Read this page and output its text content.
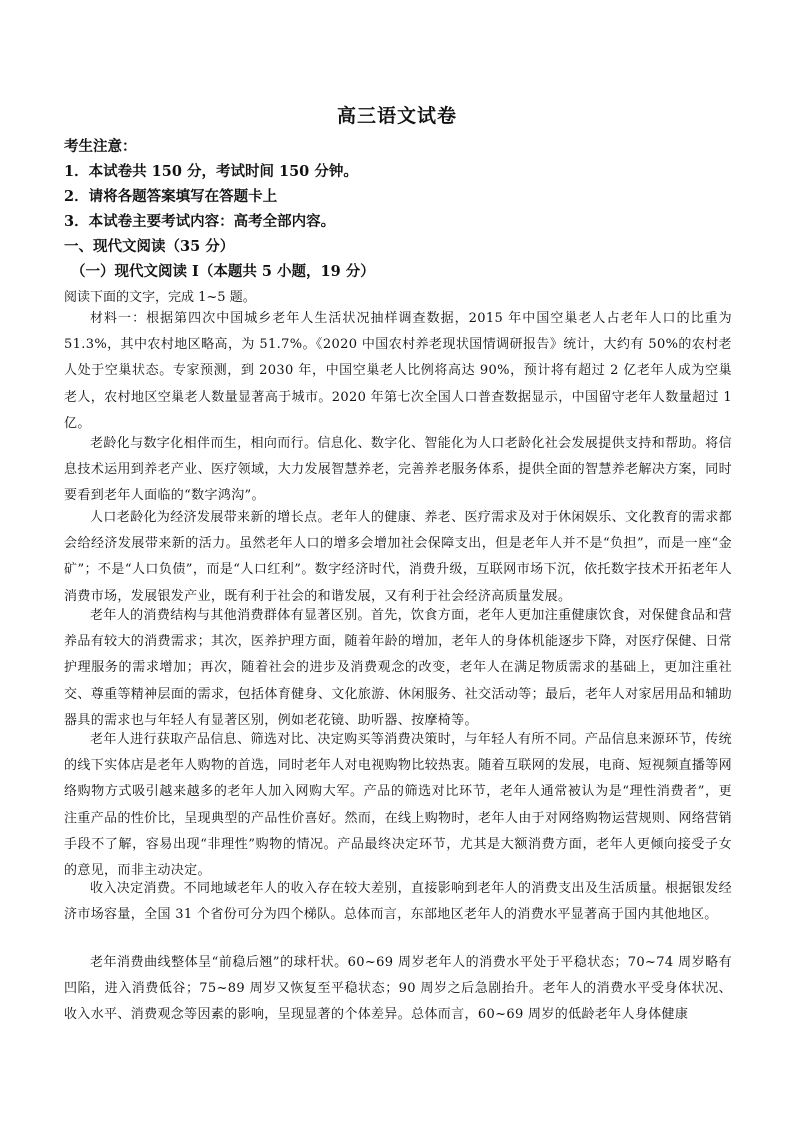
高三语文试卷
考生注意：
1．本试卷共 150 分，考试时间 150 分钟。
2．请将各题答案填写在答题卡上
3．本试卷主要考试内容：高考全部内容。
一、现代文阅读（35 分）
（一）现代文阅读 I（本题共 5 小题，19 分）
阅读下面的文字，完成 1~5 题。

材料一：根据第四次中国城乡老年人生活状况抽样调查数据，2015 年中国空巢老人占老年人口的比重为 51.3%，其中农村地区略高，为 51.7%。《2020 中国农村养老现状国情调研报告》统计，大约有 50%的农村老人处于空巢状态。专家预测，到 2030 年，中国空巢老人比例将高达 90%，预计将有超过 2 亿老年人成为空巢老人，农村地区空巢老人数量显著高于城市。2020 年第七次全国人口普查数据显示，中国留守老年人数量超过 1 亿。

老龄化与数字化相伴而生，相向而行。信息化、数字化、智能化为人口老龄化社会发展提供支持和帮助。将信息技术运用到养老产业、医疗领域，大力发展智慧养老，完善养老服务体系，提供全面的智慧养老解决方案，同时要看到老年人面临的“数字鸿沟”。

人口老龄化为经济发展带来新的增长点。老年人的健康、养老、医疗需求及对于休闲娱乐、文化教育的需求都会给经济发展带来新的活力。虽然老年人口的增多会增加社会保障支出，但是老年人并不是“负担”，而是一座“金矿”；不是“人口负债”，而是“人口红利”。数字经济时代，消费升级，互联网市场下沉，依托数字技术开拓老年人消费市场，发展银发产业，既有利于社会的和谐发展，又有利于社会经济高质量发展。

老年人的消费结构与其他消费群体有显著区别。首先，饮食方面，老年人更加注重健康饮食，对保健食品和营养品有较大的消费需求；其次，医养护理方面，随着年龄的增加，老年人的身体机能逐步下降，对医疗保健、日常护理服务的需求增加；再次，随着社会的进步及消费观念的改变，老年人在满足物质需求的基础上，更加注重社交、尊重等精神层面的需求，包括体育健身、文化旅游、休闲服务、社交活动等；最后，老年人对家居用品和辅助器具的需求也与年轻人有显著区别，例如老花镜、助听器、按摩椅等。

老年人进行获取产品信息、筛选对比、决定购买等消费决策时，与年轻人有所不同。产品信息来源环节，传统的线下实体店是老年人购物的首选，同时老年人对电视购物比较热衷。随着互联网的发展，电商、短视频直播等网络购物方式吸引越来越多的老年人加入网购大军。产品的筛选对比环节，老年人通常被认为是“理性消费者”，更注重产品的性价比，呈现典型的产品性价喜好。然而，在线上购物时，老年人由于对网络购物运营规则、网络营销手段不了解，容易出现“非理性”购物的情况。产品最终决定环节，尤其是大额消费方面，老年人更倾向接受子女的意见，而非主动决定。

收入决定消费。不同地域老年人的收入存在较大差别，直接影响到老年人的消费支出及生活质量。根据银发经济市场容量，全国 31 个省份可分为四个梯队。总体而言，东部地区老年人的消费水平显著高于国内其他地区。

老年消费曲线整体呈“前稳后翘”的球杆状。60~69 周岁老年人的消费水平处于平稳状态；70~74 周岁略有凹陷，进入消费低谷；75~89 周岁又恢复至平稳状态；90 周岁之后急剧抬升。老年人的消费水平受身体状况、收入水平、消费观念等因素的影响，呈现显著的个体差异。总体而言，60~69 周岁的低龄老年人身体健康
